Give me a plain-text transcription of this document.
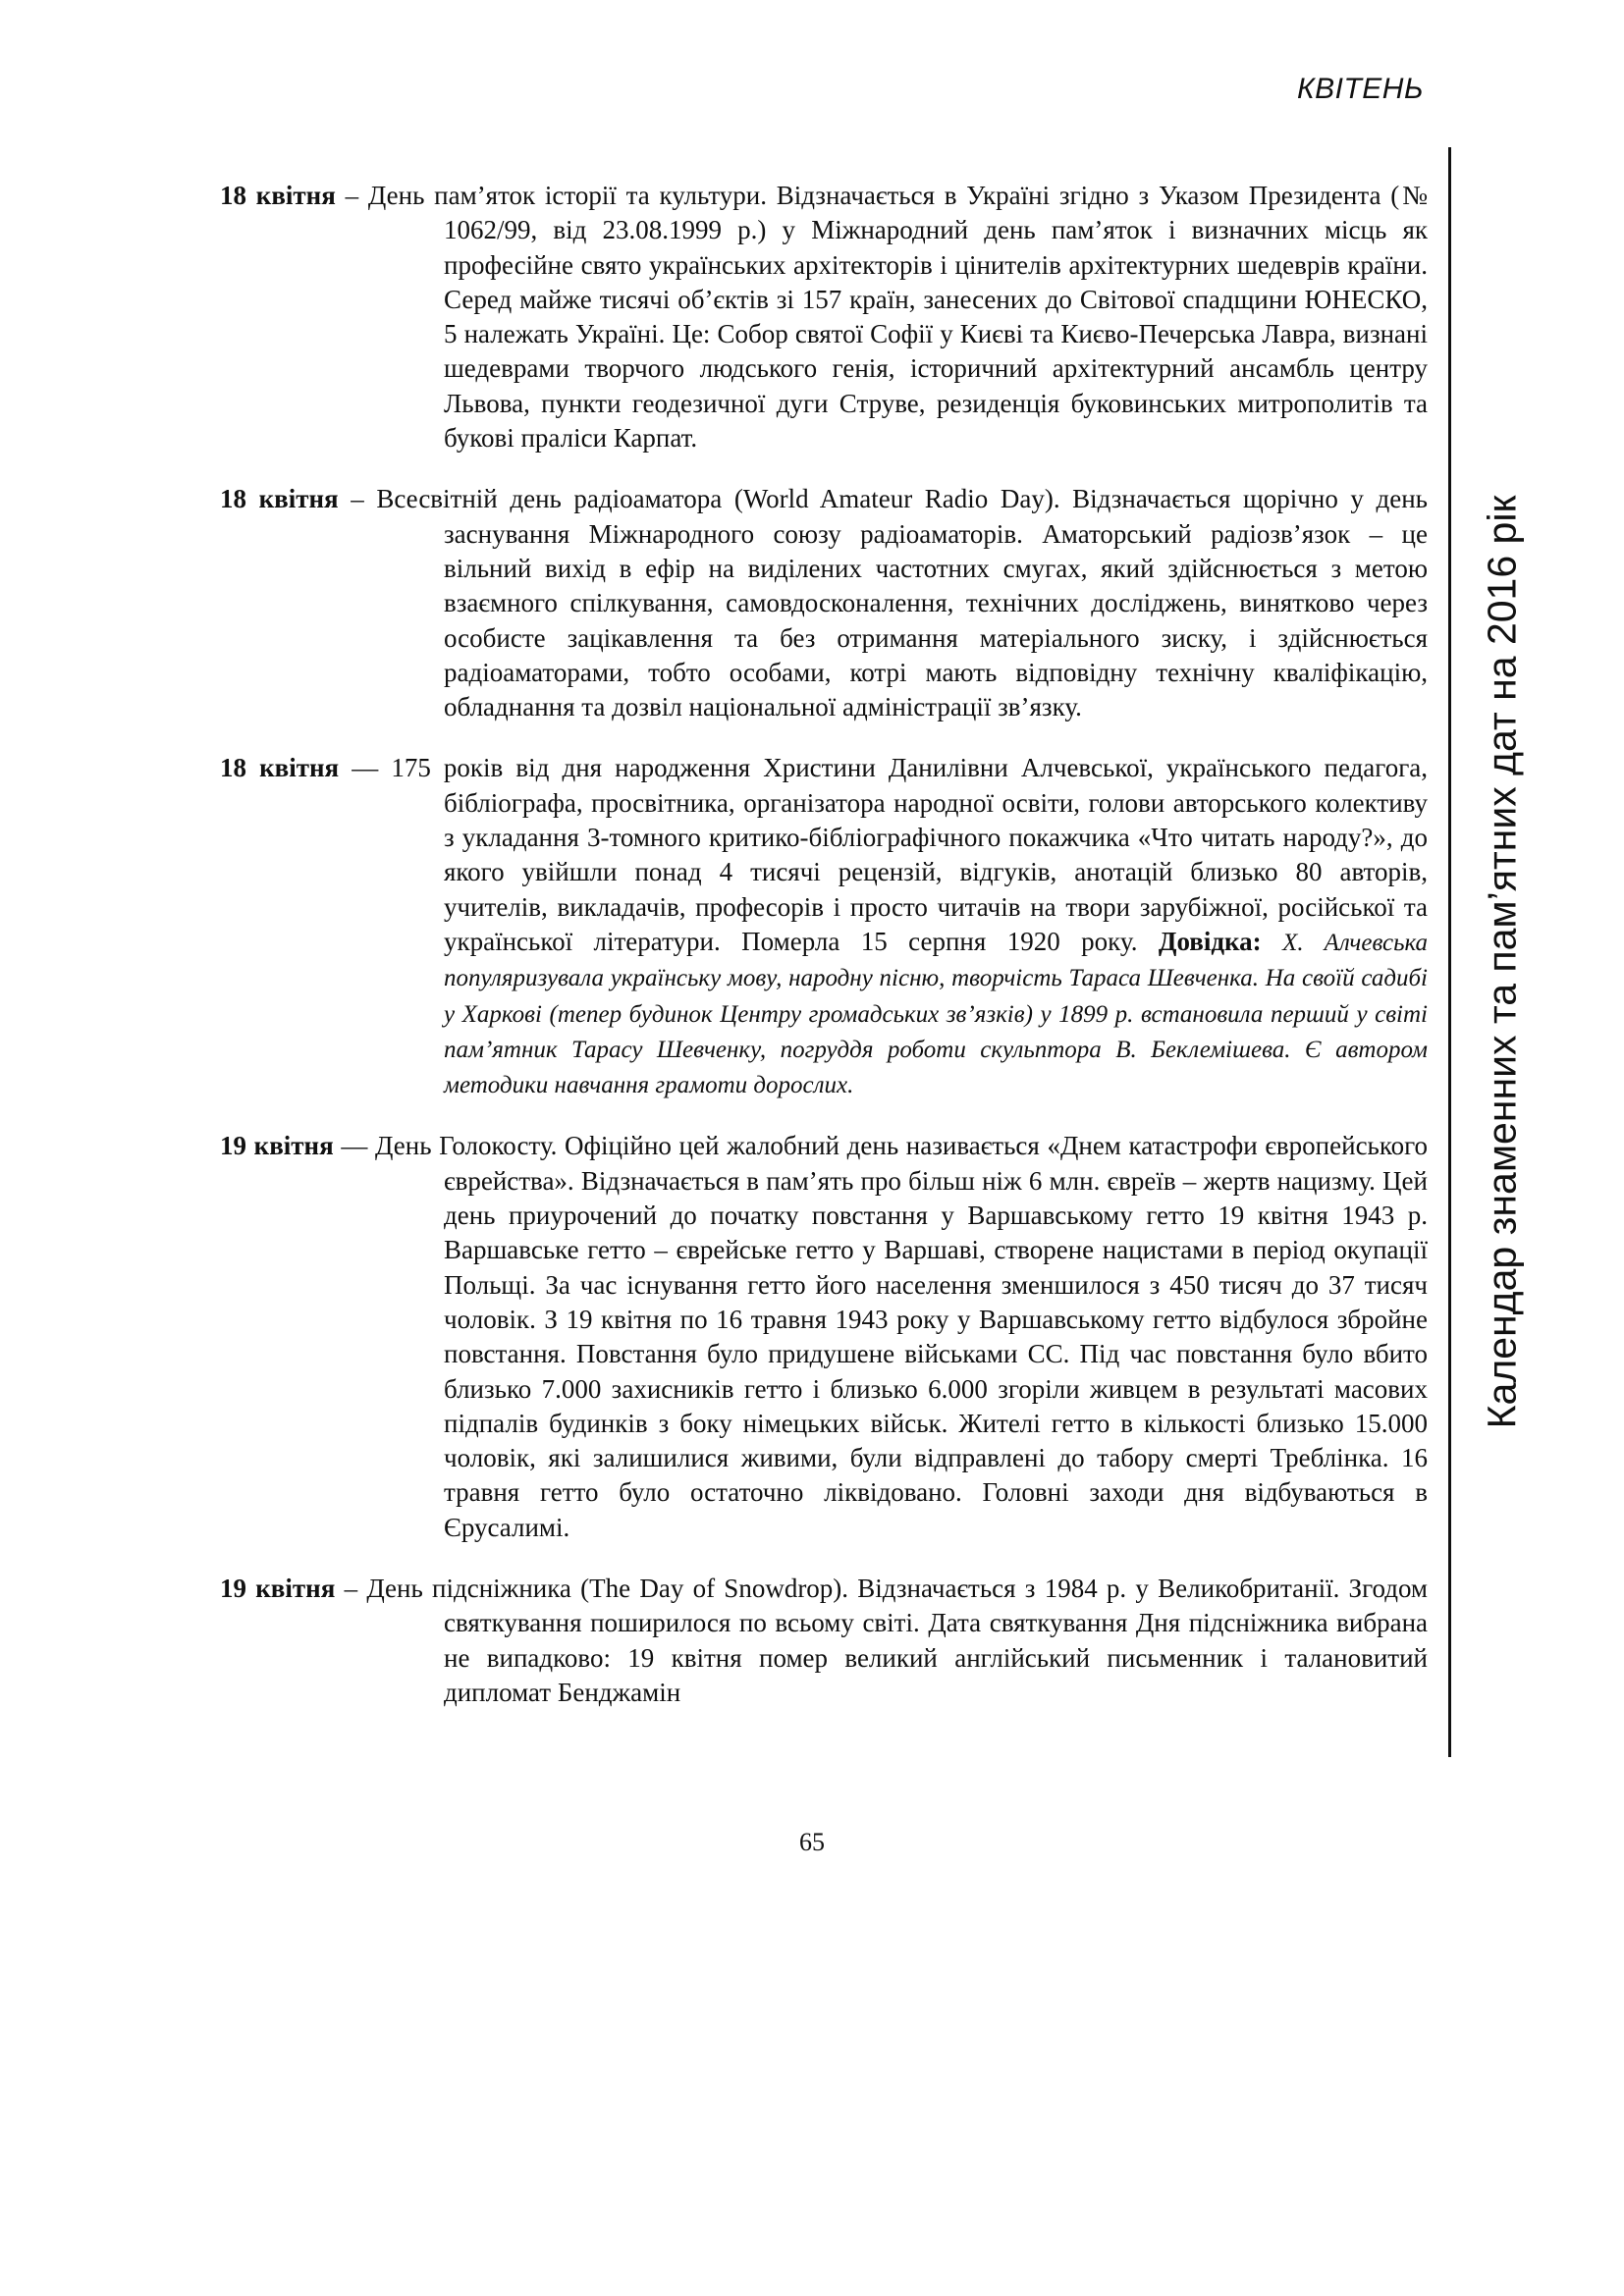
КВІТЕНЬ
Календар знаменних та пам’ятних дат на 2016 рік

18 квітня – День пам’яток історії та культури. Відзначається в Україні згідно з Указом Президента (№ 1062/99, від 23.08.1999 р.) у Міжнародний день пам’яток і визначних місць як професійне свято українських архітекторів і цінителів архітектурних шедеврів країни. Серед майже тисячі об’єктів зі 157 країн, занесених до Світової спадщини ЮНЕСКО, 5 належать Україні. Це: Собор святої Софії у Києві та Києво-Печерська Лавра, визнані шедеврами творчого людського генія, історичний архітектурний ансамбль центру Львова, пункти геодезичної дуги Струве, резиденція буковинських митрополитів та букові праліси Карпат.

18 квітня – Всесвітній день радіоаматора (World Amateur Radio Day). Відзначається щорічно у день заснування Міжнародного союзу радіоаматорів. Аматорський радіозв’язок – це вільний вихід в ефір на виділених частотних смугах, який здійснюється з метою взаємного спілкування, самовдосконалення, технічних досліджень, винятково через особисте зацікавлення та без отримання матеріального зиску, і здійснюється радіоаматорами, тобто особами, котрі мають відповідну технічну кваліфікацію, обладнання та дозвіл національної адміністрації зв’язку.

18 квітня — 175 років від дня народження Христини Данилівни Алчевської, українського педагога, бібліографа, просвітника, організатора народної освіти, голови авторського колективу з укладання 3-томного критико-бібліографічного покажчика «Что читать народу?», до якого увійшли понад 4 тисячі рецензій, відгуків, анотацій близько 80 авторів, учителів, викладачів, професорів і просто читачів на твори зарубіжної, російської та української літератури. Померла 15 серпня 1920 року. Довідка: Х. Алчевська популяризувала українську мову, народну пісню, творчість Тараса Шевченка. На своїй садибі у Харкові (тепер будинок Центру громадських зв’язків) у 1899 р. встановила перший у світі пам’ятник Тарасу Шевченку, погруддя роботи скульптора В. Беклемішева. Є автором методики навчання грамоти дорослих.

19 квітня — День Голокосту. Офіційно цей жалобний день називається «Днем катастрофи європейського єврейства». Відзначається в пам’ять про більш ніж 6 млн. євреїв – жертв нацизму. Цей день приурочений до початку повстання у Варшавському гетто 19 квітня 1943 р. Варшавське гетто – єврейське гетто у Варшаві, створене нацистами в період окупації Польщі. За час існування гетто його населення зменшилося з 450 тисяч до 37 тисяч чоловік. З 19 квітня по 16 травня 1943 року у Варшавському гетто відбулося збройне повстання. Повстання було придушене військами СС. Під час повстання було вбито близько 7.000 захисників гетто і близько 6.000 згоріли живцем в результаті масових підпалів будинків з боку німецьких військ. Жителі гетто в кількості близько 15.000 чоловік, які залишилися живими, були відправлені до табору смерті Треблінка. 16 травня гетто було остаточно ліквідовано. Головні заходи дня відбуваються в Єрусалимі.

19 квітня – День підсніжника (The Day of Snowdrop). Відзначається з 1984 р. у Великобританії. Згодом святкування поширилося по всьому світі. Дата святкування Дня підсніжника вибрана не випадково: 19 квітня помер великий англійський письменник і талановитий дипломат Бенджамін

65
